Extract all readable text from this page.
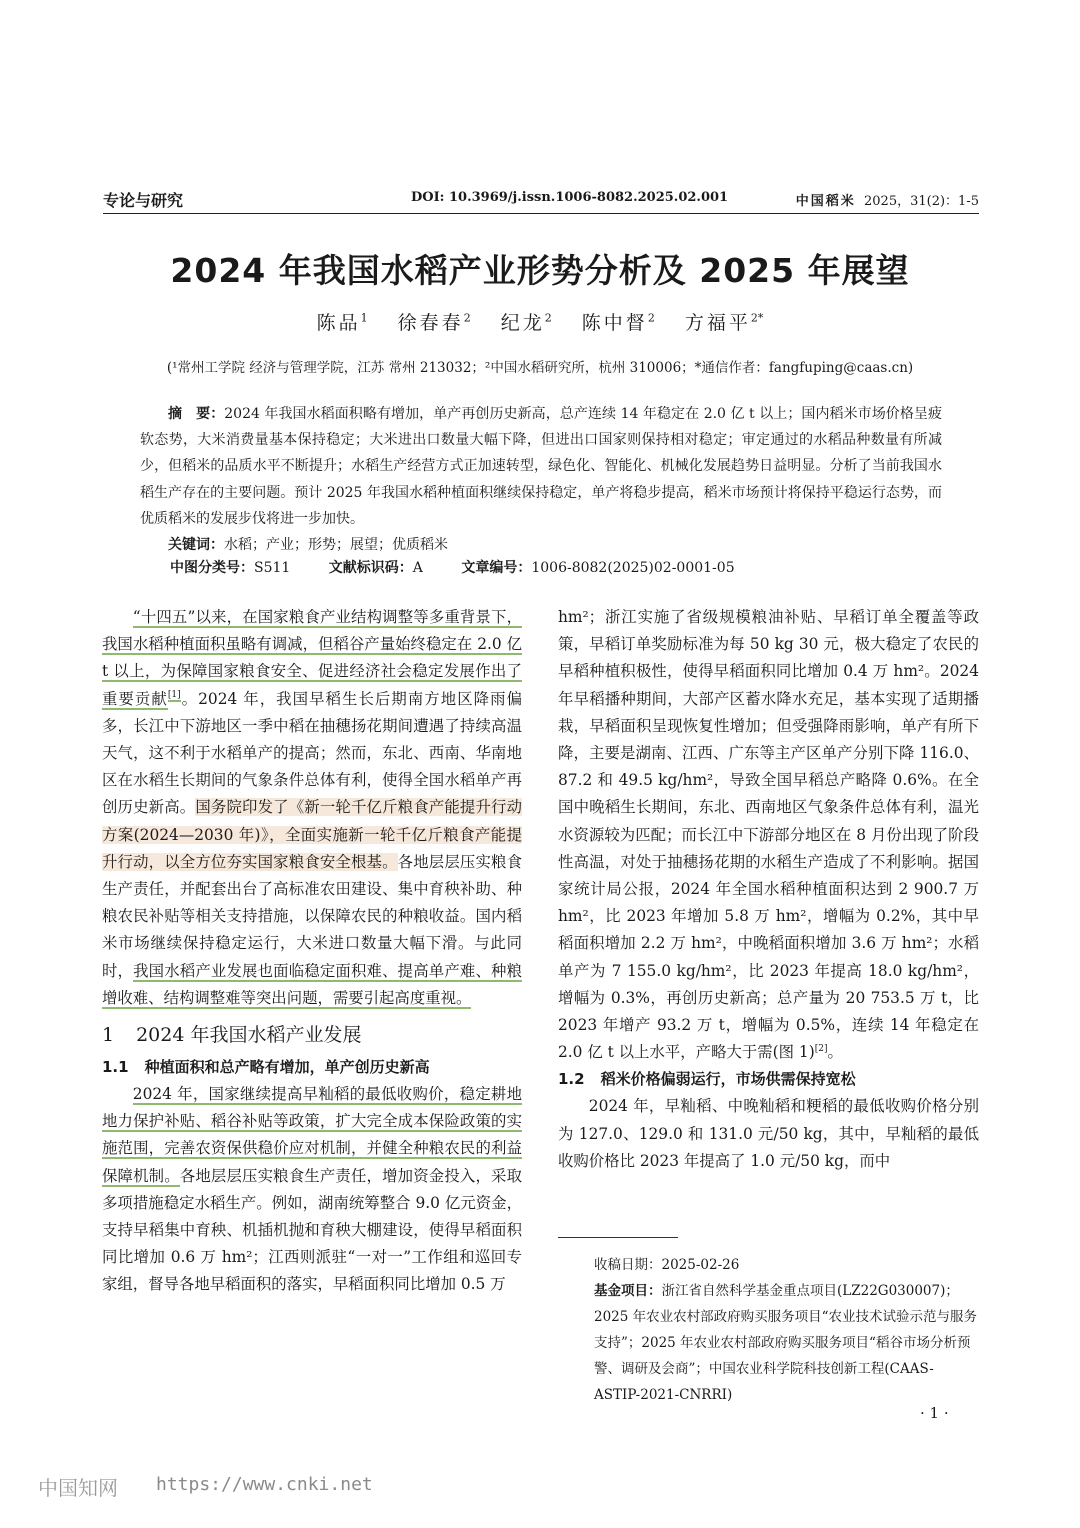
专论与研究	DOI: 10.3969/j.issn.1006-8082.2025.02.001	中国稻米 2025，31(2)：1-5
2024 年我国水稻产业形势分析及 2025 年展望
陈品$^1$ 徐春春$^2$ 纪龙$^2$ 陈中督$^2$ 方福平$^{2*}$
(¹常州工学院 经济与管理学院，江苏 常州 213032；²中国水稻研究所，杭州 310006；*通信作者：fangfuping@caas.cn)
摘　要：2024 年我国水稻面积略有增加，单产再创历史新高，总产连续 14 年稳定在 2.0 亿 t 以上；国内稻米市场价格呈疲软态势，大米消费量基本保持稳定；大米进出口数量大幅下降，但进出口国家则保持相对稳定；审定通过的水稻品种数量有所减少，但稻米的品质水平不断提升；水稻生产经营方式正加速转型，绿色化、智能化、机械化发展趋势日益明显。分析了当前我国水稻生产存在的主要问题。预计 2025 年我国水稻种植面积继续保持稳定，单产将稳步提高，稻米市场预计将保持平稳运行态势，而优质稻米的发展步伐将进一步加快。
关键词：水稻；产业；形势；展望；优质稻米
中图分类号：S511	文献标识码：A	文章编号：1006-8082(2025)02-0001-05

“十四五”以来，在国家粮食产业结构调整等多重背景下，我国水稻种植面积虽略有调减，但稻谷产量始终稳定在 2.0 亿 t 以上，为保障国家粮食安全、促进经济社会稳定发展作出了重要贡献[1]。2024 年，我国早稻生长后期南方地区降雨偏多，长江中下游地区一季中稻在抽穗扬花期间遭遇了持续高温天气，这不利于水稻单产的提高；然而，东北、西南、华南地区在水稻生长期间的气象条件总体有利，使得全国水稻单产再创历史新高。国务院印发了《新一轮千亿斤粮食产能提升行动方案(2024—2030 年)》，全面实施新一轮千亿斤粮食产能提升行动，以全方位夯实国家粮食安全根基。各地层层压实粮食生产责任，并配套出台了高标准农田建设、集中育秧补助、种粮农民补贴等相关支持措施，以保障农民的种粮收益。国内稻米市场继续保持稳定运行，大米进口数量大幅下滑。与此同时，我国水稻产业发展也面临稳定面积难、提高单产难、种粮增收难、结构调整难等突出问题，需要引起高度重视。

1 2024 年我国水稻产业发展
1.1 种植面积和总产略有增加，单产创历史新高

2024 年，国家继续提高早籼稻的最低收购价，稳定耕地地力保护补贴、稻谷补贴等政策，扩大完全成本保险政策的实施范围，完善农资保供稳价应对机制，并健全种粮农民的利益保障机制。各地层层压实粮食生产责任，增加资金投入，采取多项措施稳定水稻生产。例如，湖南统筹整合 9.0 亿元资金，支持早稻集中育秧、机插机抛和育秧大棚建设，使得早稻面积同比增加 0.6 万 hm²；江西则派驻“一对一”工作组和巡回专家组，督导各地早稻面积的落实，早稻面积同比增加 0.5 万

hm²；浙江实施了省级规模粮油补贴、早稻订单全覆盖等政策，早稻订单奖励标准为每 50 kg 30 元，极大稳定了农民的早稻种植积极性，使得早稻面积同比增加 0.4 万 hm²。2024 年早稻播种期间，大部产区蓄水降水充足，基本实现了适期播栽，早稻面积呈现恢复性增加；但受强降雨影响，单产有所下降，主要是湖南、江西、广东等主产区单产分别下降 116.0、87.2 和 49.5 kg/hm²，导致全国早稻总产略降 0.6%。在全国中晚稻生长期间，东北、西南地区气象条件总体有利，温光水资源较为匹配；而长江中下游部分地区在 8 月份出现了阶段性高温，对处于抽穗扬花期的水稻生产造成了不利影响。据国家统计局公报，2024 年全国水稻种植面积达到 2 900.7 万 hm²，比 2023 年增加 5.8 万 hm²，增幅为 0.2%，其中早稻面积增加 2.2 万 hm²，中晚稻面积增加 3.6 万 hm²；水稻单产为 7 155.0 kg/hm²，比 2023 年提高 18.0 kg/hm²，增幅为 0.3%，再创历史新高；总产量为 20 753.5 万 t，比 2023 年增产 93.2 万 t，增幅为 0.5%，连续 14 年稳定在 2.0 亿 t 以上水平，产略大于需(图 1)[2]。

1.2 稻米价格偏弱运行，市场供需保持宽松

2024 年，早籼稻、中晚籼稻和粳稻的最低收购价格分别为 127.0、129.0 和 131.0 元/50 kg，其中，早籼稻的最低收购价格比 2023 年提高了 1.0 元/50 kg，而中

收稿日期：2025-02-26
基金项目：浙江省自然科学基金重点项目(LZ22G030007)；2025 年农业农村部政府购买服务项目“农业技术试验示范与服务支持”；2025 年农业农村部政府购买服务项目“稻谷市场分析预警、调研及会商”；中国农业科学院科技创新工程(CAAS-ASTIP-2021-CNRRI)
· 1 ·
中国知网 https://www.cnki.net
